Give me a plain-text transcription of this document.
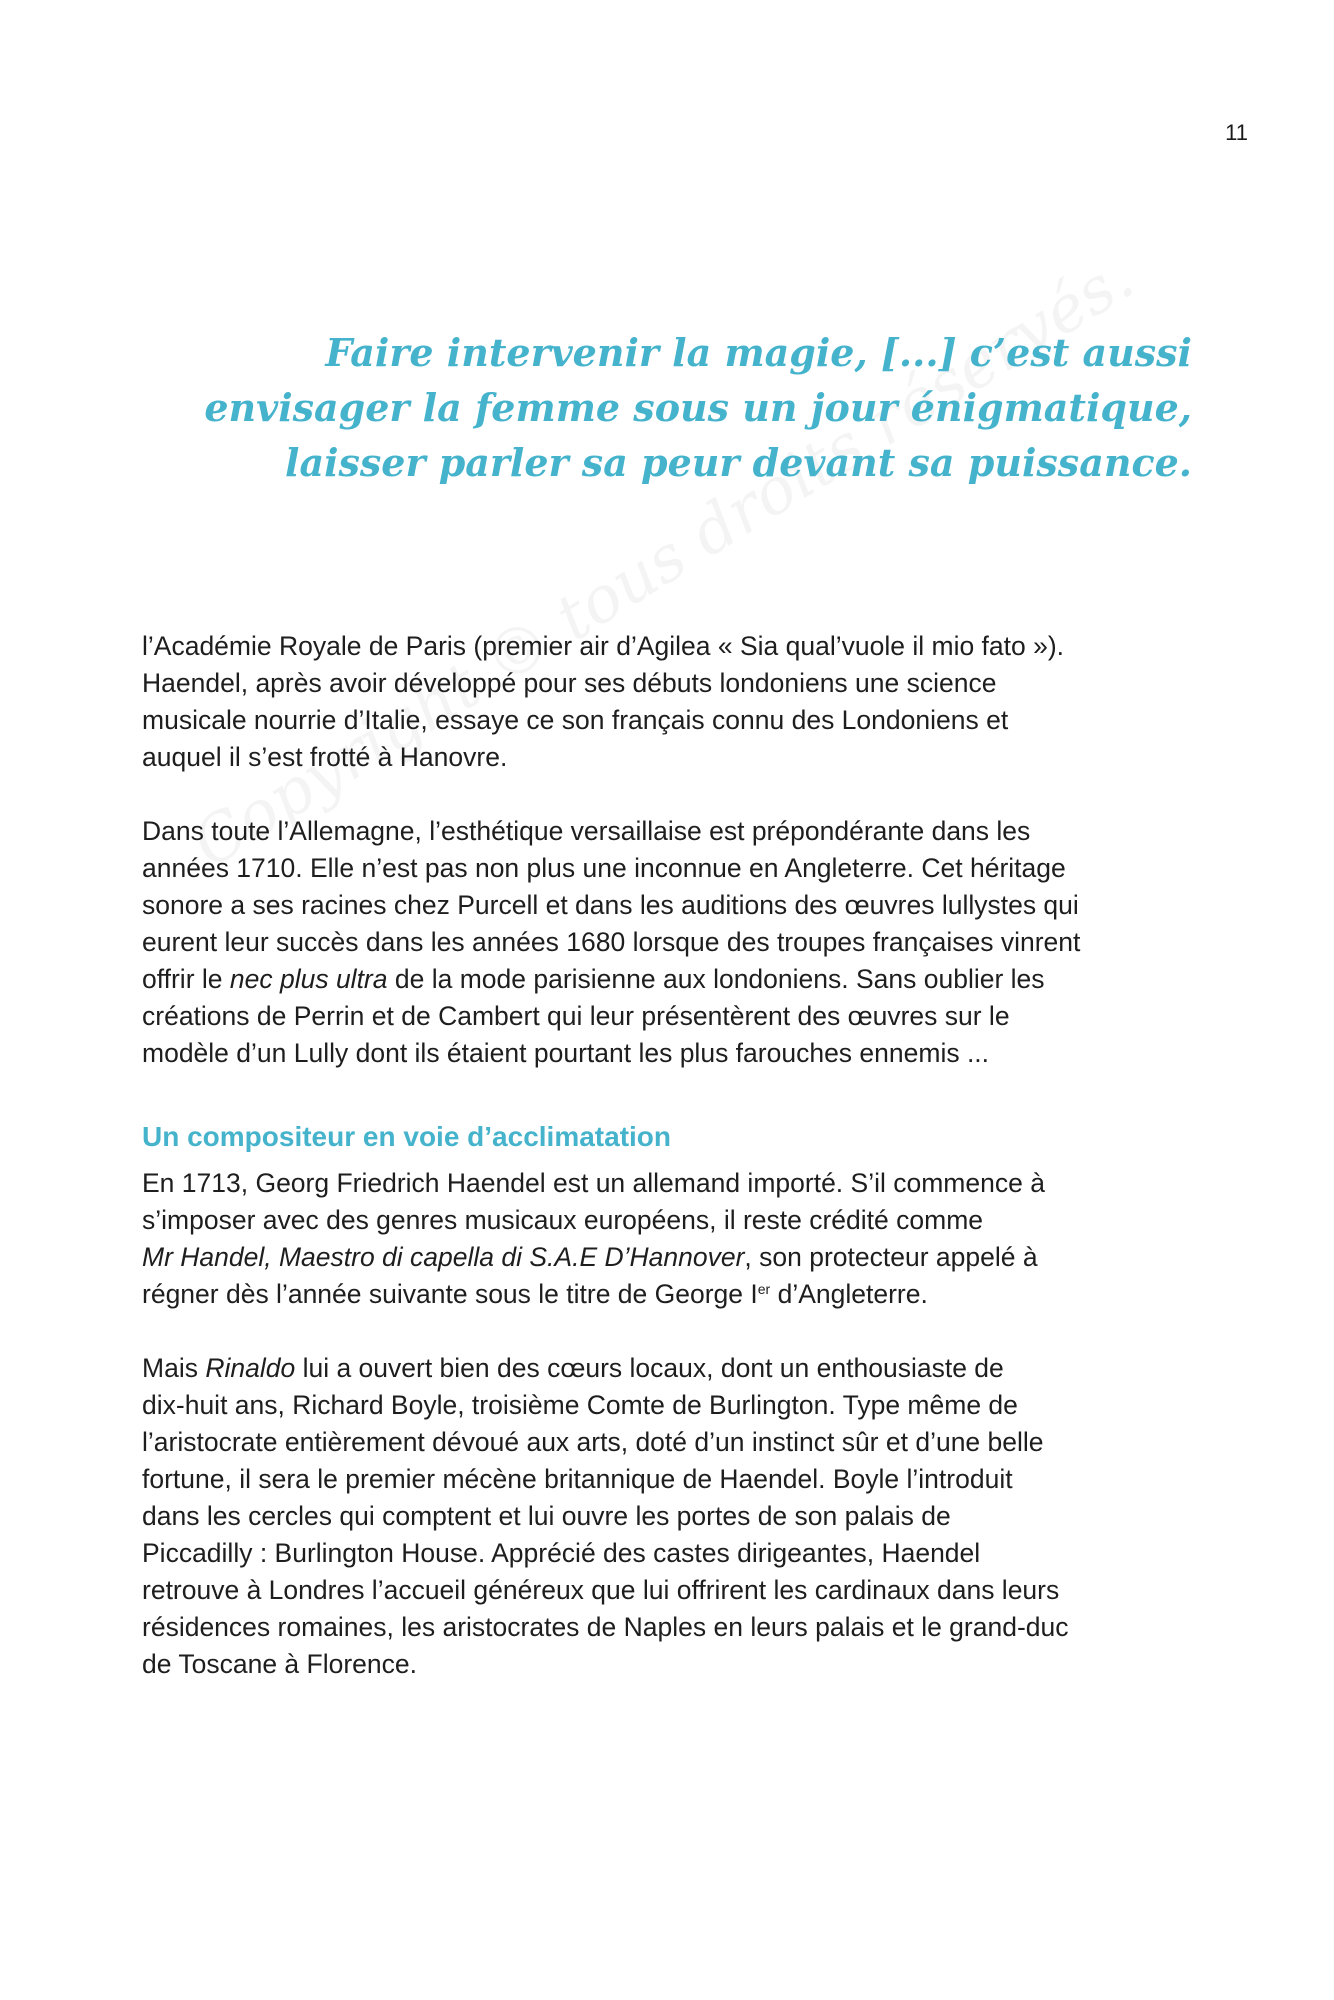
11
Faire intervenir la magie, [...] c’est aussi
envisager la femme sous un jour énigmatique,
laisser parler sa peur devant sa puissance.

l’Académie Royale de Paris (premier air d’Agilea « Sia qual’vuole il mio fato »).
Haendel, après avoir développé pour ses débuts londoniens une science
musicale nourrie d’Italie, essaye ce son français connu des Londoniens et
auquel il s’est frotté à Hanovre.

Dans toute l’Allemagne, l’esthétique versaillaise est prépondérante dans les
années 1710. Elle n’est pas non plus une inconnue en Angleterre. Cet héritage
sonore a ses racines chez Purcell et dans les auditions des œuvres lullystes qui
eurent leur succès dans les années 1680 lorsque des troupes françaises vinrent
offrir le nec plus ultra de la mode parisienne aux londoniens. Sans oublier les
créations de Perrin et de Cambert qui leur présentèrent des œuvres sur le
modèle d’un Lully dont ils étaient pourtant les plus farouches ennemis ...

Un compositeur en voie d’acclimatation

En 1713, Georg Friedrich Haendel est un allemand importé. S’il commence à
s’imposer avec des genres musicaux européens, il reste crédité comme
Mr Handel, Maestro di capella di S.A.E D’Hannover, son protecteur appelé à
régner dès l’année suivante sous le titre de George Ier d’Angleterre.

Mais Rinaldo lui a ouvert bien des cœurs locaux, dont un enthousiaste de
dix-huit ans, Richard Boyle, troisième Comte de Burlington. Type même de
l’aristocrate entièrement dévoué aux arts, doté d’un instinct sûr et d’une belle
fortune, il sera le premier mécène britannique de Haendel. Boyle l’introduit
dans les cercles qui comptent et lui ouvre les portes de son palais de
Piccadilly : Burlington House. Apprécié des castes dirigeantes, Haendel
retrouve à Londres l’accueil généreux que lui offrirent les cardinaux dans leurs
résidences romaines, les aristocrates de Naples en leurs palais et le grand-duc
de Toscane à Florence.
